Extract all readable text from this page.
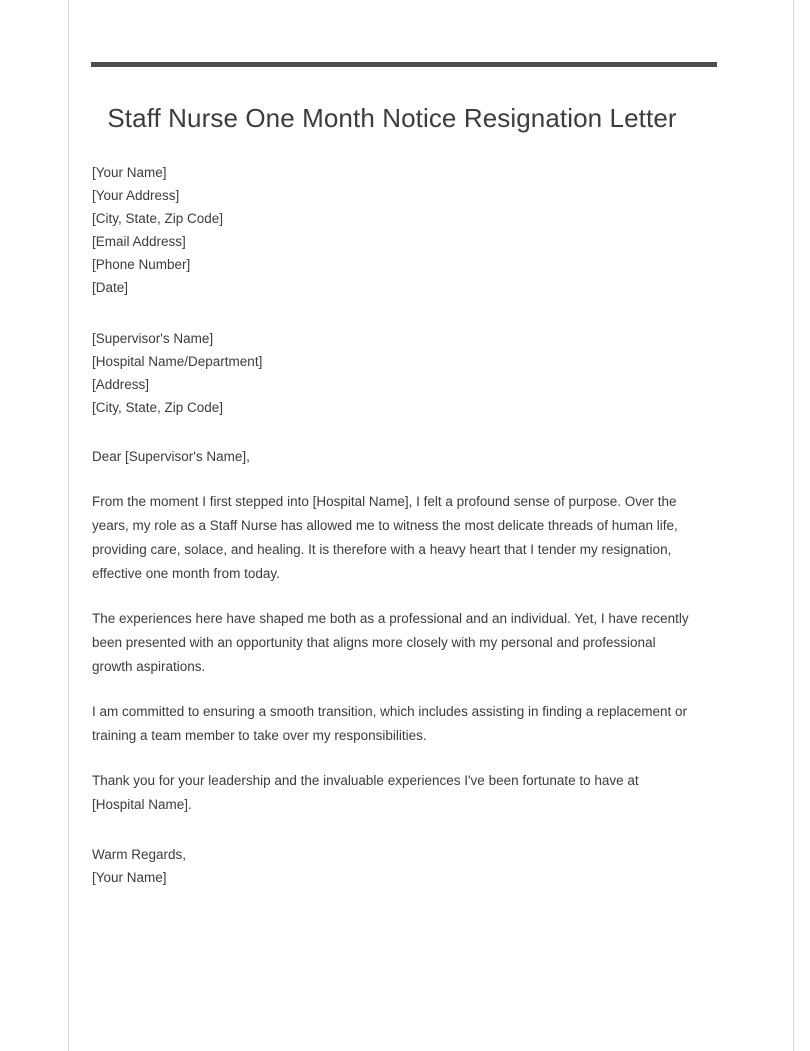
Staff Nurse One Month Notice Resignation Letter
[Your Name]
[Your Address]
[City, State, Zip Code]
[Email Address]
[Phone Number]
[Date]
[Supervisor's Name]
[Hospital Name/Department]
[Address]
[City, State, Zip Code]

Dear [Supervisor's Name],

From the moment I first stepped into [Hospital Name], I felt a profound sense of purpose. Over the years, my role as a Staff Nurse has allowed me to witness the most delicate threads of human life, providing care, solace, and healing. It is therefore with a heavy heart that I tender my resignation, effective one month from today.

The experiences here have shaped me both as a professional and an individual. Yet, I have recently been presented with an opportunity that aligns more closely with my personal and professional growth aspirations.

I am committed to ensuring a smooth transition, which includes assisting in finding a replacement or training a team member to take over my responsibilities.

Thank you for your leadership and the invaluable experiences I've been fortunate to have at [Hospital Name].

Warm Regards,
[Your Name]
